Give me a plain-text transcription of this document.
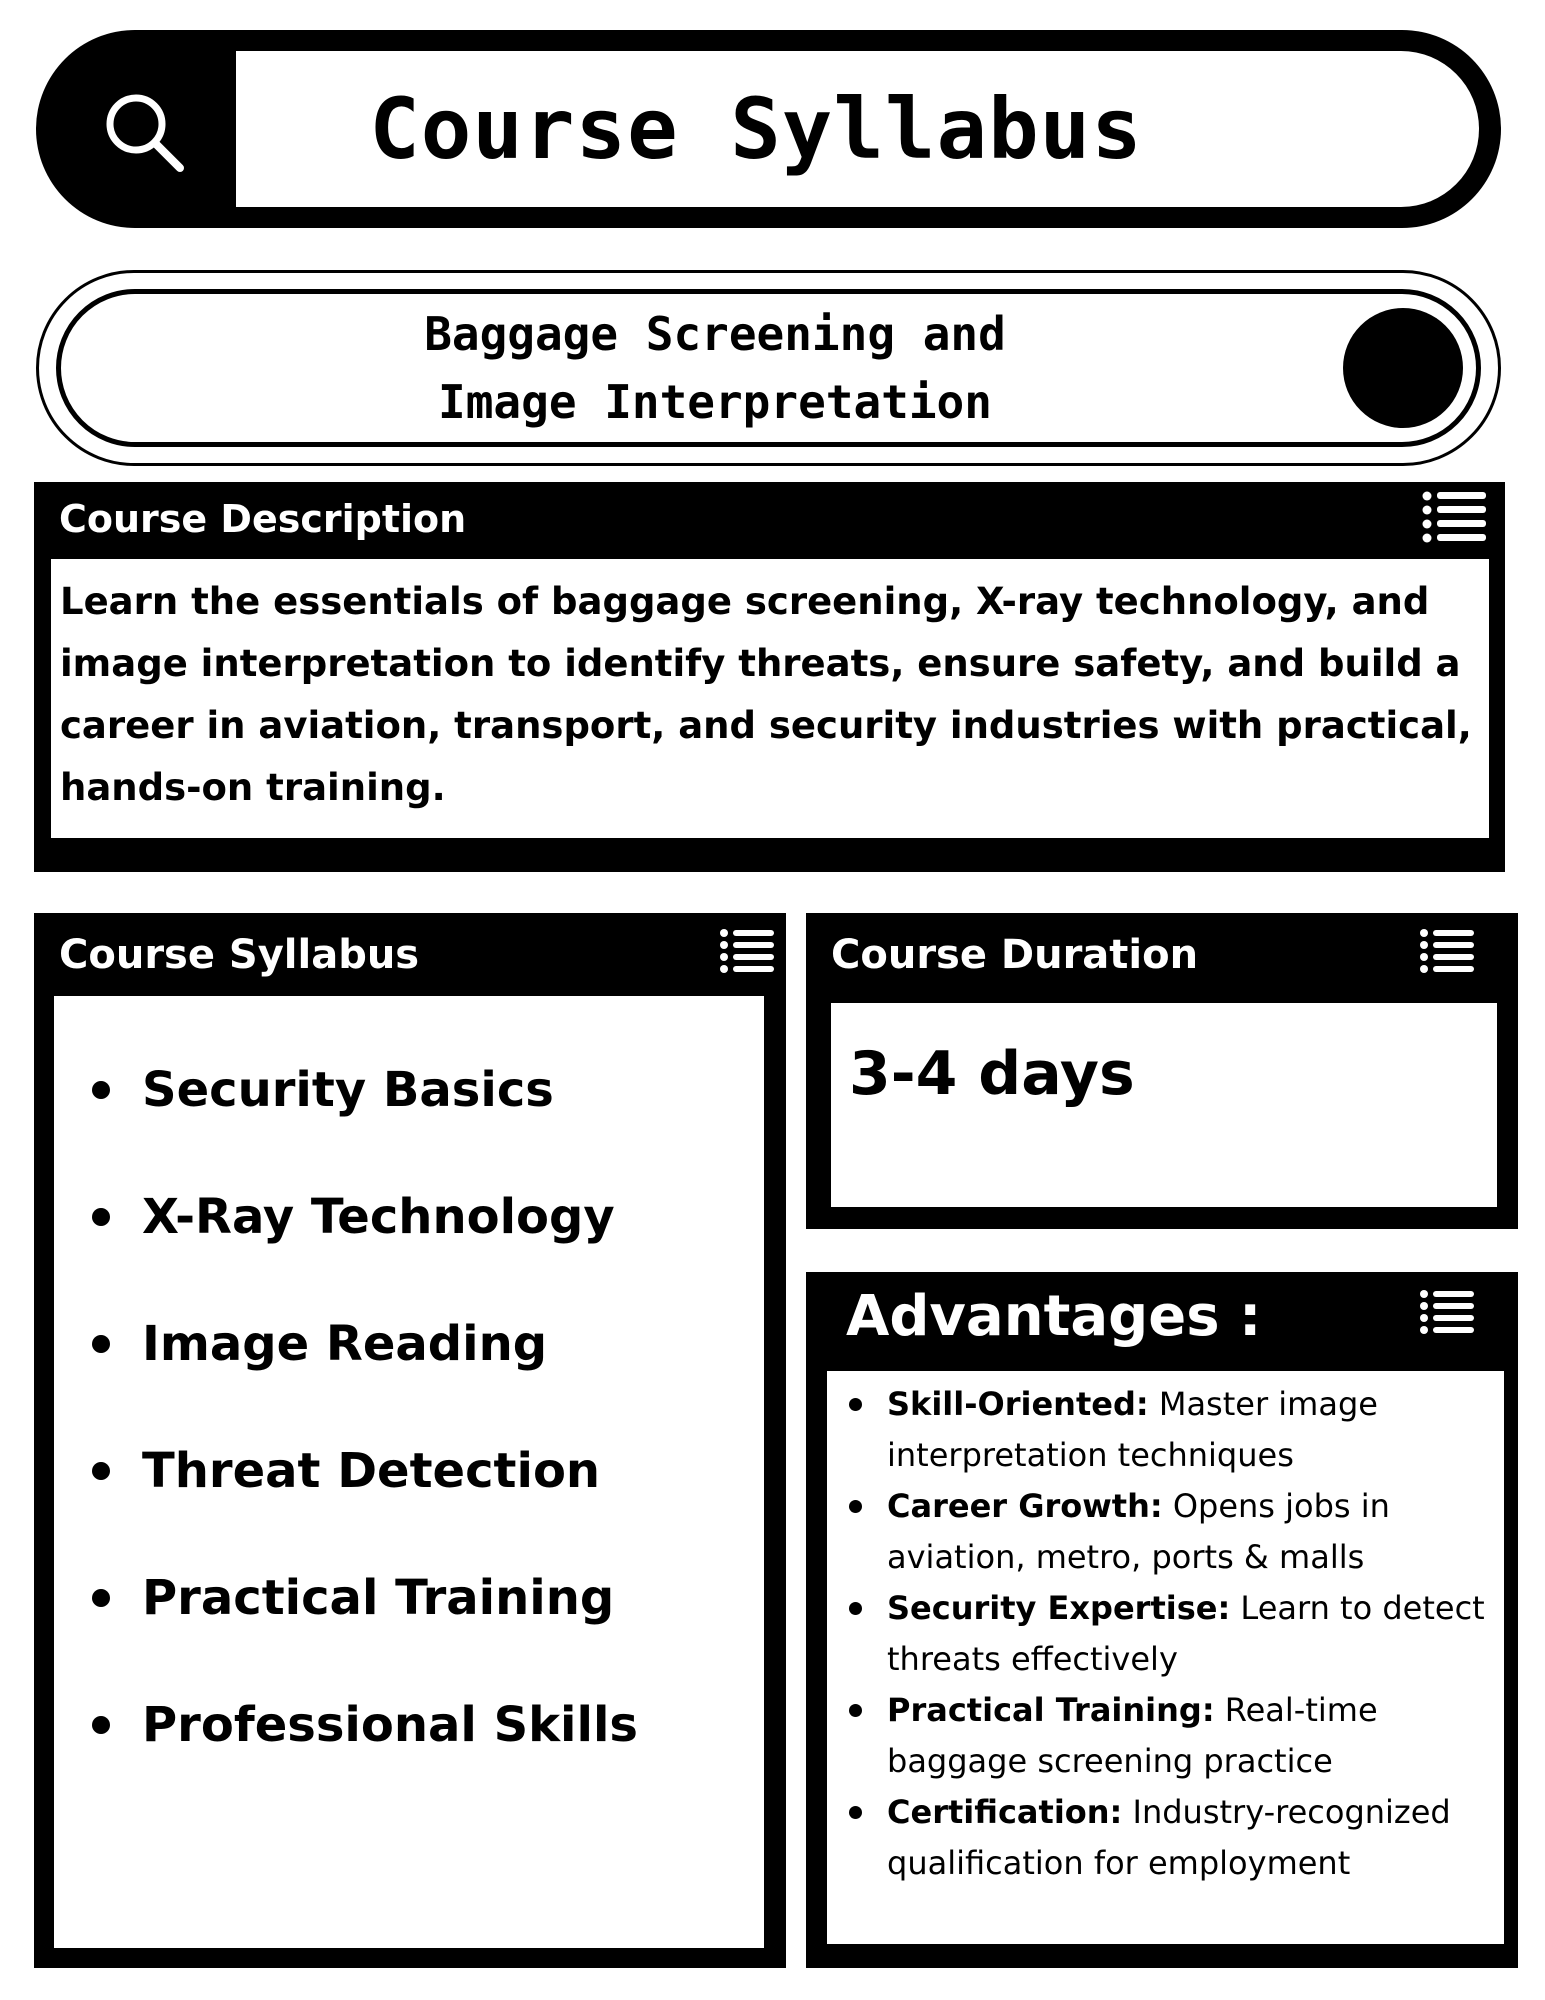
Course Syllabus
Baggage Screening and
Image Interpretation
Course Description
Learn the essentials of baggage screening, X-ray technology, and image interpretation to identify threats, ensure safety, and build a career in aviation, transport, and security industries with practical, hands-on training.
Course Syllabus
Security Basics
X-Ray Technology
Image Reading
Threat Detection
Practical Training
Professional Skills
Course Duration
3-4 days
Advantages :
Skill-Oriented: Master image interpretation techniques
Career Growth: Opens jobs in aviation, metro, ports & malls
Security Expertise: Learn to detect threats effectively
Practical Training: Real-time baggage screening practice
Certification: Industry-recognized qualification for employment
